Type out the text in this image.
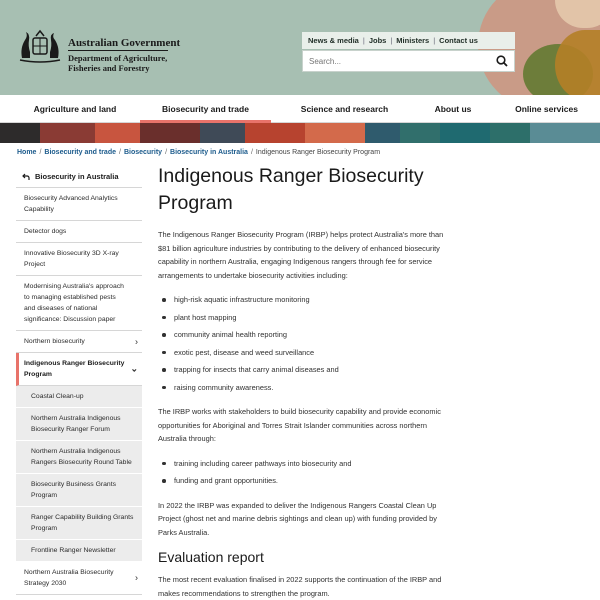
Australian Government
Department of Agriculture,
Fisheries and Forestry
News & media | Jobs | Ministers | Contact us
Search...
Agriculture and land	Biosecurity and trade	Science and research	About us	Online services
Home / Biosecurity and trade / Biosecurity / Biosecurity in Australia / Indigenous Ranger Biosecurity Program
Biosecurity in Australia
Biosecurity Advanced Analytics Capability
Detector dogs
Innovative Biosecurity 3D X-ray Project
Modernising Australia's approach to managing established pests and diseases of national significance: Discussion paper
Northern biosecurity	›
Indigenous Ranger Biosecurity Program
⌄
Coastal Clean-up
Northern Australia Indigenous Biosecurity Ranger Forum
Northern Australia Indigenous Rangers Biosecurity Round Table
Biosecurity Business Grants Program
Ranger Capability Building Grants Program
Frontline Ranger Newsletter
Northern Australia Biosecurity Strategy 2030
›
Indigenous Ranger Biosecurity Program

The Indigenous Ranger Biosecurity Program (IRBP) helps protect Australia's more than $81 billion agriculture industries by contributing to the delivery of enhanced biosecurity capability in northern Australia, engaging Indigenous rangers through fee for service arrangements to undertake biosecurity activities including:

high-risk aquatic infrastructure monitoring
plant host mapping
community animal health reporting
exotic pest, disease and weed surveillance
trapping for insects that carry animal diseases and
raising community awareness.

The IRBP works with stakeholders to build biosecurity capability and provide economic opportunities for Aboriginal and Torres Strait Islander communities across northern Australia through:

training including career pathways into biosecurity and
funding and grant opportunities.

In 2022 the IRBP was expanded to deliver the Indigenous Rangers Coastal Clean Up Project (ghost net and marine debris sightings and clean up) with funding provided by Parks Australia.

Evaluation report

The most recent evaluation finalised in 2022 supports the continuation of the IRBP and makes recommendations to strengthen the program.
